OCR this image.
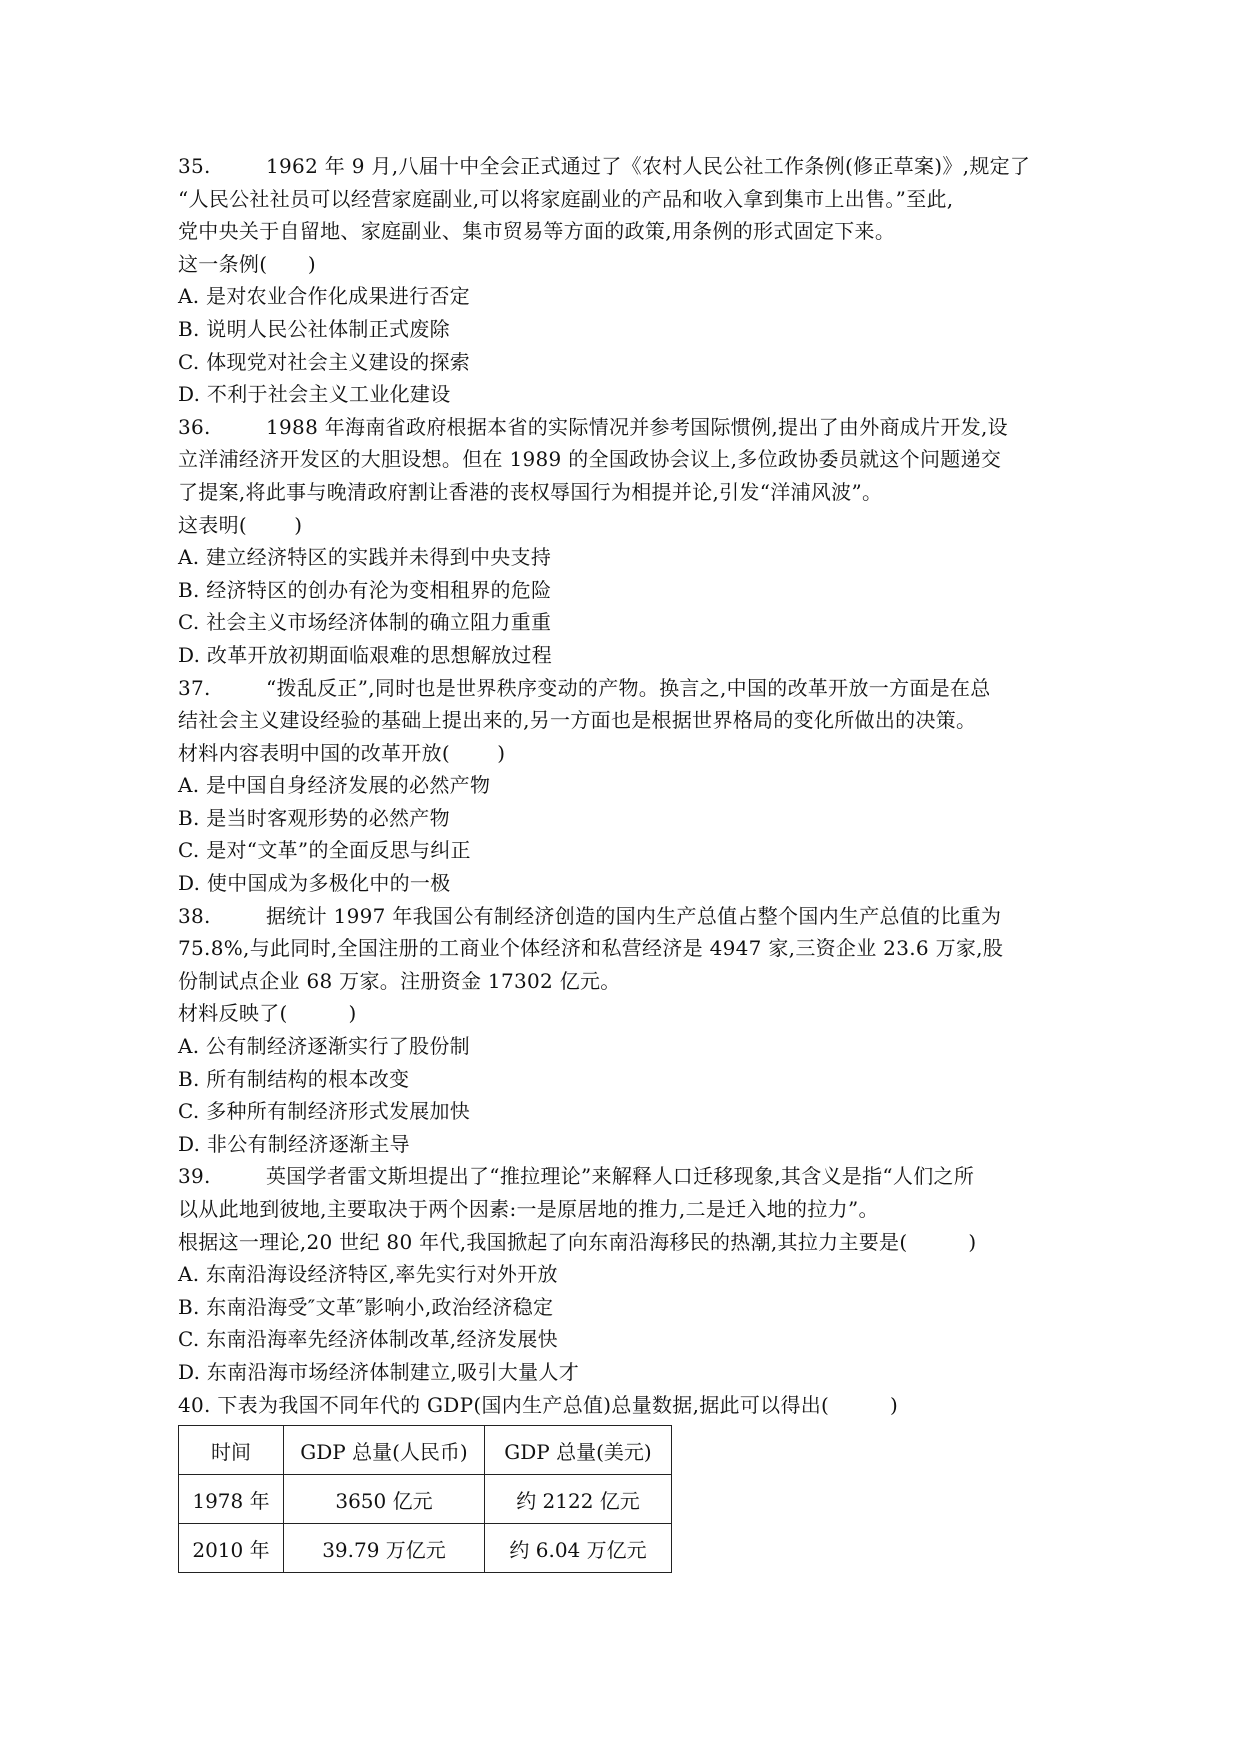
35.	1962 年 9 月,八届十中全会正式通过了《农村人民公社工作条例(修正草案)》,规定了
“人民公社社员可以经营家庭副业,可以将家庭副业的产品和收入拿到集市上出售。”至此,
党中央关于自留地、家庭副业、集市贸易等方面的政策,用条例的形式固定下来。
这一条例(　　)
A. 是对农业合作化成果进行否定
B. 说明人民公社体制正式废除
C. 体现党对社会主义建设的探索
D. 不利于社会主义工业化建设
36.	1988 年海南省政府根据本省的实际情况并参考国际惯例,提出了由外商成片开发,设
立洋浦经济开发区的大胆设想。但在 1989 的全国政协会议上,多位政协委员就这个问题递交
了提案,将此事与晚清政府割让香港的丧权辱国行为相提并论,引发“洋浦风波”。
这表明(　　 )
A. 建立经济特区的实践并未得到中央支持
B. 经济特区的创办有沦为变相租界的危险
C. 社会主义市场经济体制的确立阻力重重
D. 改革开放初期面临艰难的思想解放过程
37.	“拨乱反正”,同时也是世界秩序变动的产物。换言之,中国的改革开放一方面是在总
结社会主义建设经验的基础上提出来的,另一方面也是根据世界格局的变化所做出的决策。
材料内容表明中国的改革开放(　　 )
A. 是中国自身经济发展的必然产物
B. 是当时客观形势的必然产物
C. 是对“文革”的全面反思与纠正
D. 使中国成为多极化中的一极
38.	据统计 1997 年我国公有制经济创造的国内生产总值占整个国内生产总值的比重为
75.8%,与此同时,全国注册的工商业个体经济和私营经济是 4947 家,三资企业 23.6 万家,股
份制试点企业 68 万家。注册资金 17302 亿元。
材料反映了(　　　)
A. 公有制经济逐渐实行了股份制
B. 所有制结构的根本改变
C. 多种所有制经济形式发展加快
D. 非公有制经济逐渐主导
39.	英国学者雷文斯坦提出了“推拉理论”来解释人口迁移现象,其含义是指“人们之所
以从此地到彼地,主要取决于两个因素:一是原居地的推力,二是迁入地的拉力”。
根据这一理论,20 世纪 80 年代,我国掀起了向东南沿海移民的热潮,其拉力主要是(　　　)
A. 东南沿海设经济特区,率先实行对外开放
B. 东南沿海受″文革″影响小,政治经济稳定
C. 东南沿海率先经济体制改革,经济发展快
D. 东南沿海市场经济体制建立,吸引大量人才
40. 下表为我国不同年代的 GDP(国内生产总值)总量数据,据此可以得出(　　　)
时间	GDP 总量(人民币)	GDP 总量(美元)
1978 年	3650 亿元	约 2122 亿元
2010 年	39.79 万亿元	约 6.04 万亿元
